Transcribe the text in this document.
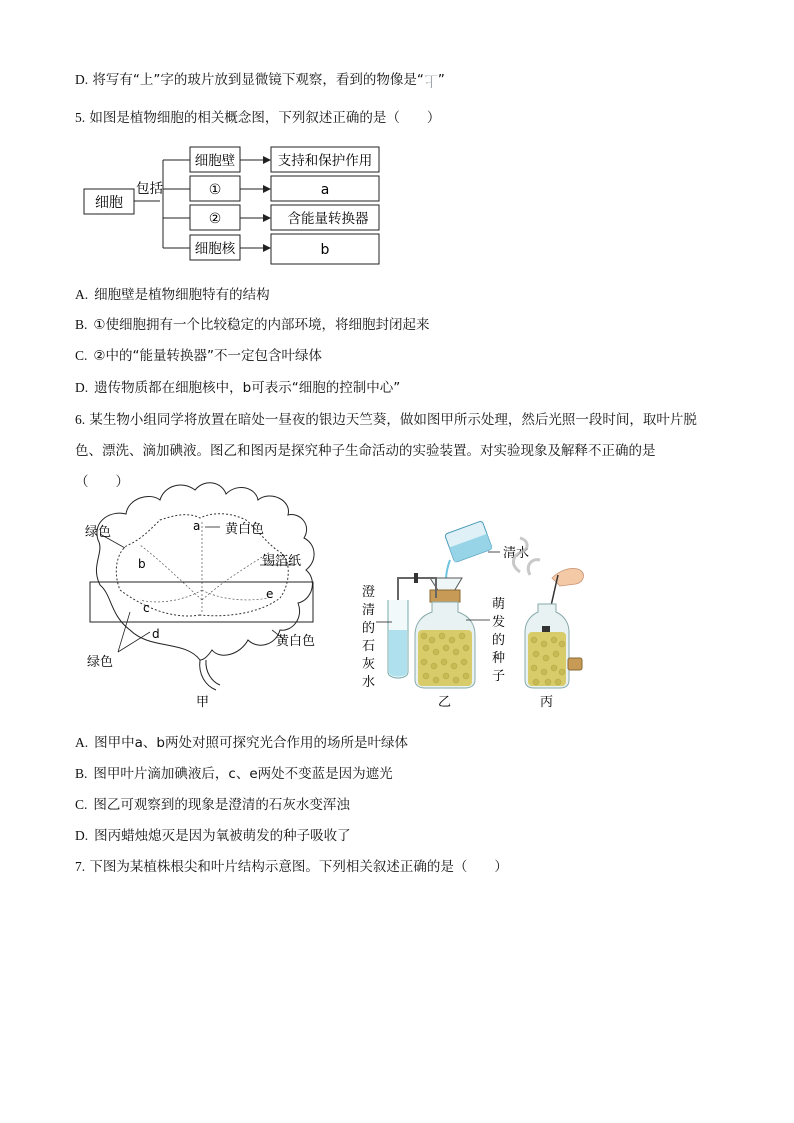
D. 将写有“上”字的玻片放到显微镜下观察，看到的物像是“上”
5. 如图是植物细胞的相关概念图，下列叙述正确的是（　　）
细胞
包括
细胞壁
①
②
细胞核
支持和保护作用
a
含能量转换器
b
A. 细胞壁是植物细胞特有的结构
B. ①使细胞拥有一个比较稳定的内部环境，将细胞封闭起来
C. ②中的“能量转换器”不一定包含叶绿体
D. 遗传物质都在细胞核中，b可表示“细胞的控制中心”
6. 某生物小组同学将放置在暗处一昼夜的银边天竺葵，做如图甲所示处理，然后光照一段时间，取叶片脱
色、漂洗、滴加碘液。图乙和图丙是探究种子生命活动的实验装置。对实验现象及解释不正确的是
（　　）
绿色	a 黄白色
b	锡箔纸
c
e
d	黄白色
绿色
甲
清水
澄
清
的
石
灰
水
萌
发
的
种
子
乙	丙
A. 图甲中a、b两处对照可探究光合作用的场所是叶绿体
B. 图甲叶片滴加碘液后，c、e两处不变蓝是因为遮光
C. 图乙可观察到的现象是澄清的石灰水变浑浊
D. 图丙蜡烛熄灭是因为氧被萌发的种子吸收了
7. 下图为某植株根尖和叶片结构示意图。下列相关叙述正确的是（　　）
